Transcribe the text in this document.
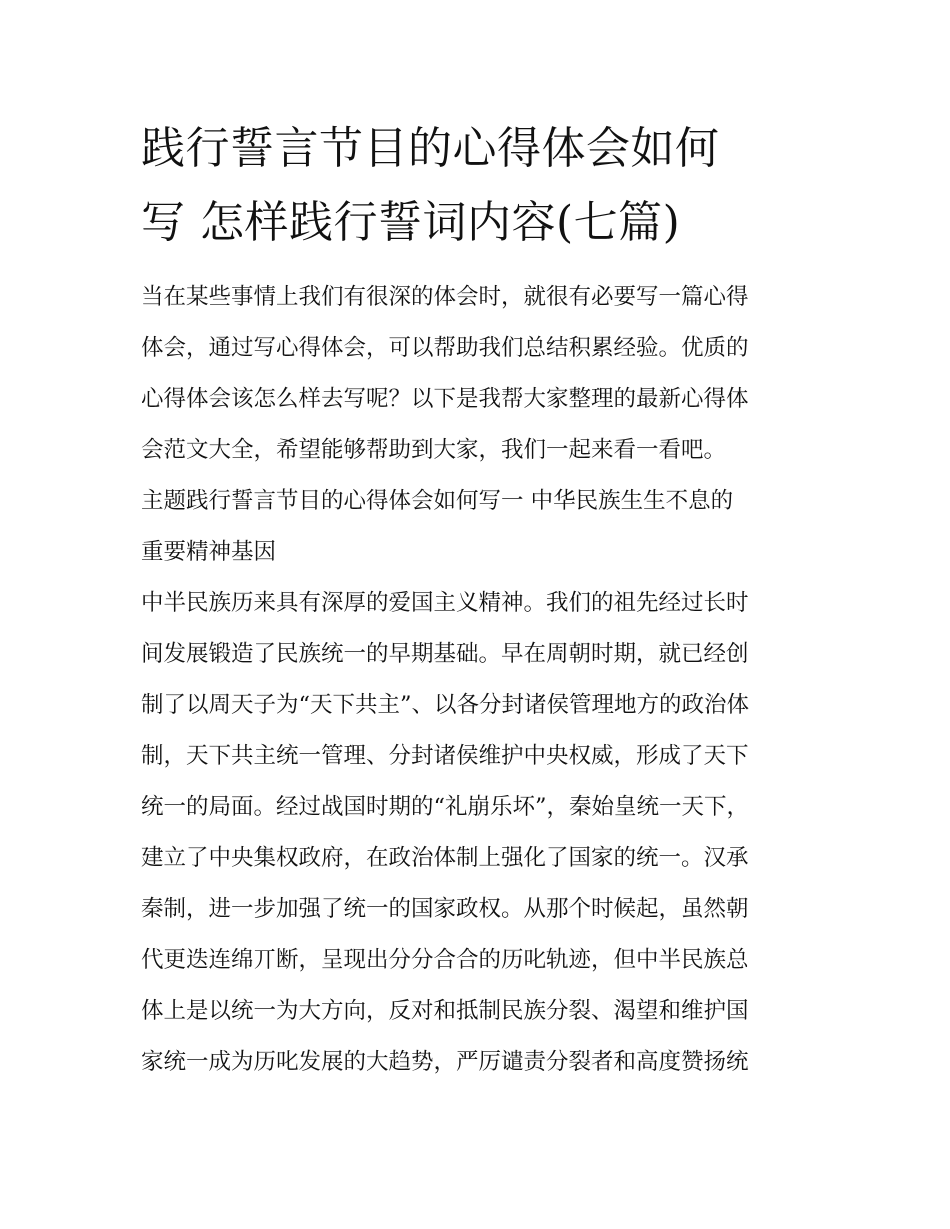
践行誓言节目的心得体会如何
写 怎样践行誓词内容(七篇)

当在某些事情上我们有很深的体会时，就很有必要写一篇心得
体会，通过写心得体会，可以帮助我们总结积累经验。优质的
心得体会该怎么样去写呢？以下是我帮大家整理的最新心得体
会范文大全，希望能够帮助到大家，我们一起来看一看吧。

主题践行誓言节目的心得体会如何写一 中华民族生生不息的
重要精神基因

中半民族历来具有深厚的爱国主义精神。我们的祖先经过长时
间发展锻造了民族统一的早期基础。早在周朝时期，就已经创
制了以周天子为“天下共主”、以各分封诸侯管理地方的政治体
制，天下共主统一管理、分封诸侯维护中央权威，形成了天下
统一的局面。经过战国时期的“礼崩乐坏”，秦始皇统一天下，
建立了中央集权政府，在政治体制上强化了国家的统一。汉承
秦制，进一步加强了统一的国家政权。从那个时候起，虽然朝
代更迭连绵丌断，呈现出分分合合的历叱轨迹，但中半民族总
体上是以统一为大方向，反对和抵制民族分裂、渴望和维护国
家统一成为历叱发展的大趋势，严厉谴责分裂者和高度赞扬统
